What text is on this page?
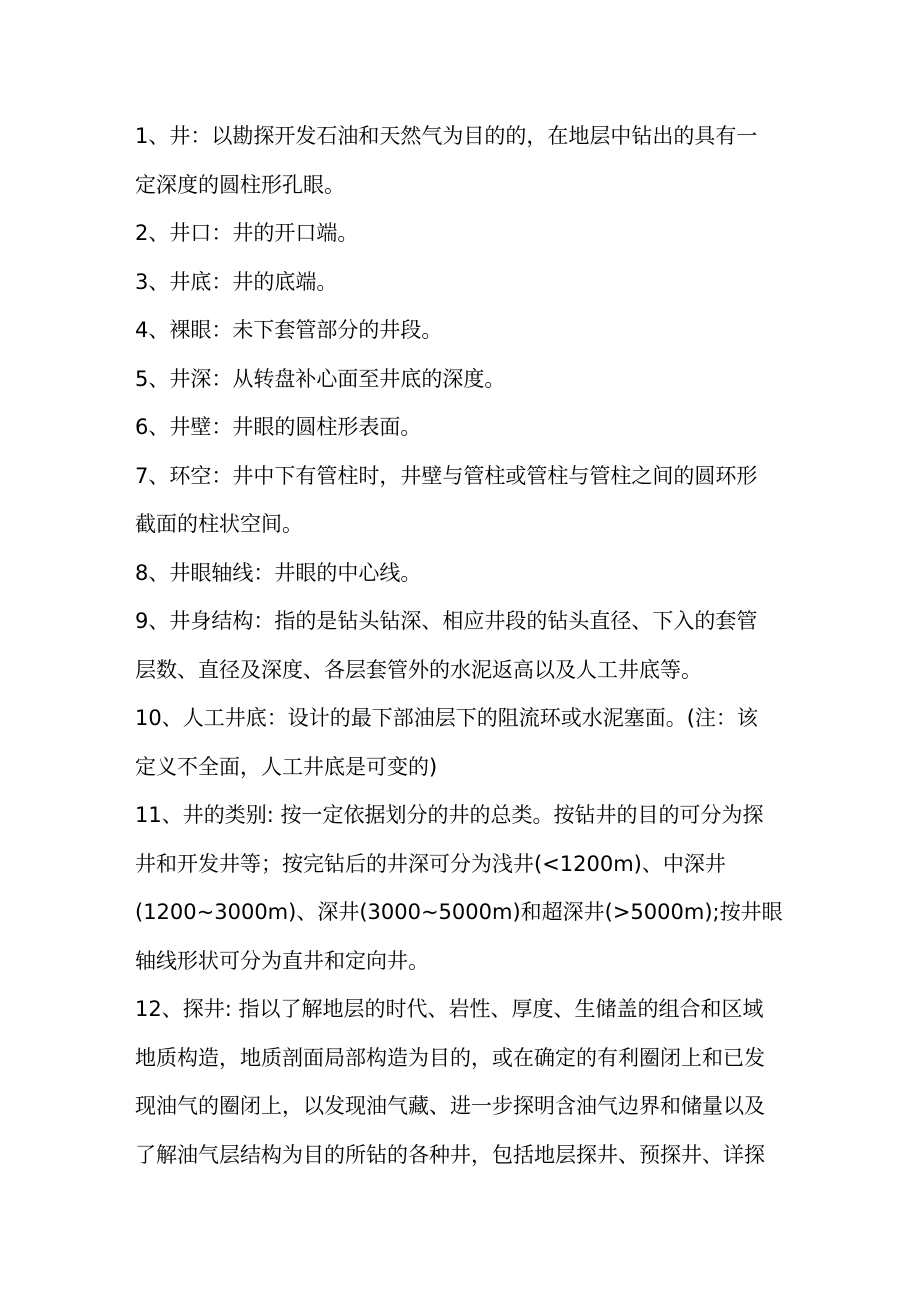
1、井：以勘探开发石油和天然气为目的的，在地层中钻出的具有一
定深度的圆柱形孔眼。

2、井口：井的开口端。

3、井底：井的底端。

4、裸眼：未下套管部分的井段。

5、井深：从转盘补心面至井底的深度。

6、井壁：井眼的圆柱形表面。

7、环空：井中下有管柱时，井壁与管柱或管柱与管柱之间的圆环形
截面的柱状空间。

8、井眼轴线：井眼的中心线。

9、井身结构：指的是钻头钻深、相应井段的钻头直径、下入的套管
层数、直径及深度、各层套管外的水泥返高以及人工井底等。

10、人工井底：设计的最下部油层下的阻流环或水泥塞面。(注：该
定义不全面，人工井底是可变的)

11、井的类别: 按一定依据划分的井的总类。按钻井的目的可分为探
井和开发井等；按完钻后的井深可分为浅井(<1200m)、中深井
(1200~3000m)、深井(3000~5000m)和超深井(>5000m);按井眼
轴线形状可分为直井和定向井。

12、探井: 指以了解地层的时代、岩性、厚度、生储盖的组合和区域
地质构造，地质剖面局部构造为目的，或在确定的有利圈闭上和已发
现油气的圈闭上，以发现油气藏、进一步探明含油气边界和储量以及
了解油气层结构为目的所钻的各种井，包括地层探井、预探井、详探
